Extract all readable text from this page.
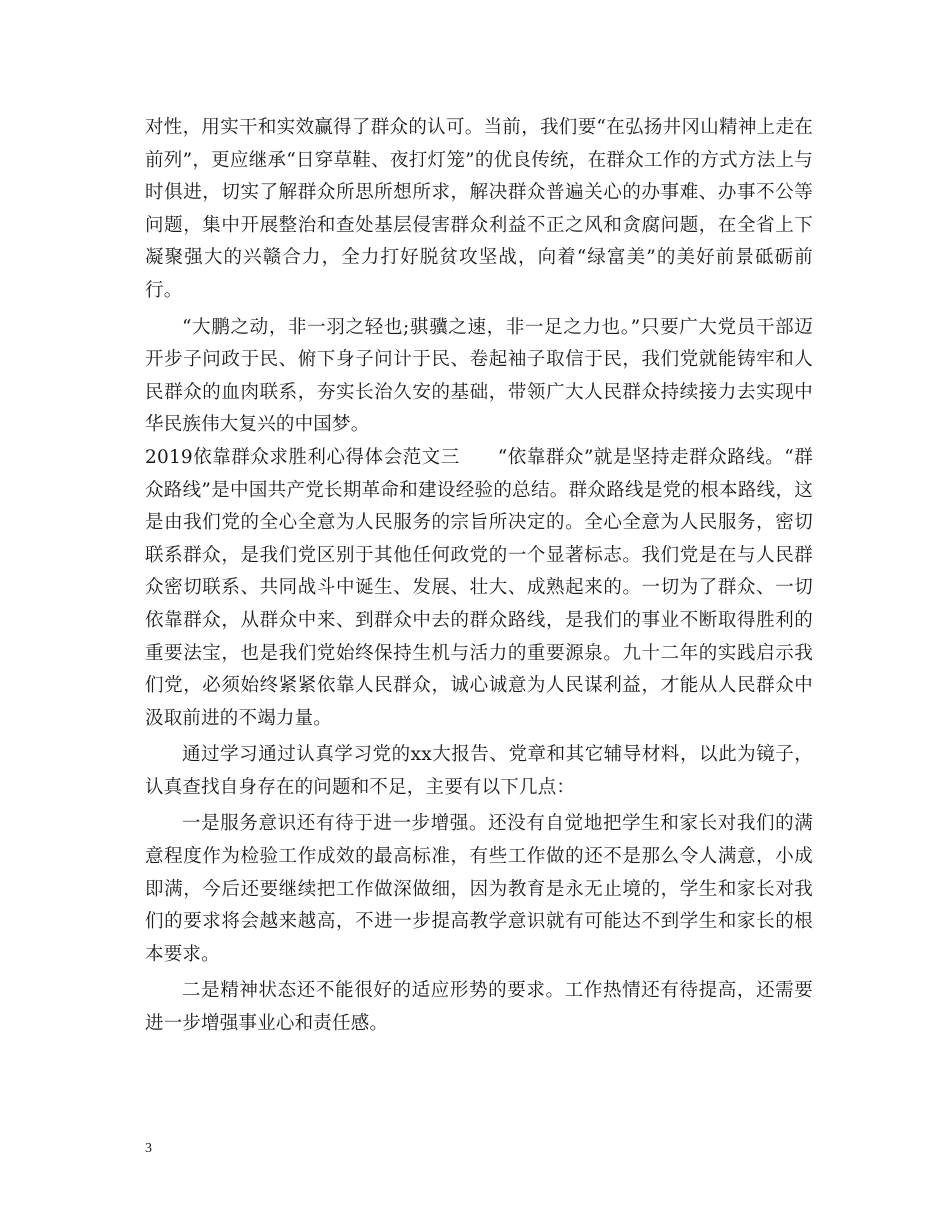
对性，用实干和实效赢得了群众的认可。当前，我们要“在弘扬井冈山精神上走在前列”，更应继承“日穿草鞋、夜打灯笼”的优良传统，在群众工作的方式方法上与时俱进，切实了解群众所思所想所求，解决群众普遍关心的办事难、办事不公等问题，集中开展整治和查处基层侵害群众利益不正之风和贪腐问题，在全省上下凝聚强大的兴赣合力，全力打好脱贫攻坚战，向着“绿富美”的美好前景砥砺前行。

“大鹏之动，非一羽之轻也;骐骥之速，非一足之力也。”只要广大党员干部迈开步子问政于民、俯下身子问计于民、卷起袖子取信于民，我们党就能铸牢和人民群众的血肉联系，夯实长治久安的基础，带领广大人民群众持续接力去实现中华民族伟大复兴的中国梦。

2019依靠群众求胜利心得体会范文三　　“依靠群众”就是坚持走群众路线。“群众路线”是中国共产党长期革命和建设经验的总结。群众路线是党的根本路线，这是由我们党的全心全意为人民服务的宗旨所决定的。全心全意为人民服务，密切联系群众，是我们党区别于其他任何政党的一个显著标志。我们党是在与人民群众密切联系、共同战斗中诞生、发展、壮大、成熟起来的。一切为了群众、一切依靠群众，从群众中来、到群众中去的群众路线，是我们的事业不断取得胜利的重要法宝，也是我们党始终保持生机与活力的重要源泉。九十二年的实践启示我们党，必须始终紧紧依靠人民群众，诚心诚意为人民谋利益，才能从人民群众中汲取前进的不竭力量。

通过学习通过认真学习党的xx大报告、党章和其它辅导材料，以此为镜子，认真查找自身存在的问题和不足，主要有以下几点：

一是服务意识还有待于进一步增强。还没有自觉地把学生和家长对我们的满意程度作为检验工作成效的最高标准，有些工作做的还不是那么令人满意，小成即满，今后还要继续把工作做深做细，因为教育是永无止境的，学生和家长对我们的要求将会越来越高，不进一步提高教学意识就有可能达不到学生和家长的根本要求。

二是精神状态还不能很好的适应形势的要求。工作热情还有待提高，还需要进一步增强事业心和责任感。

3
